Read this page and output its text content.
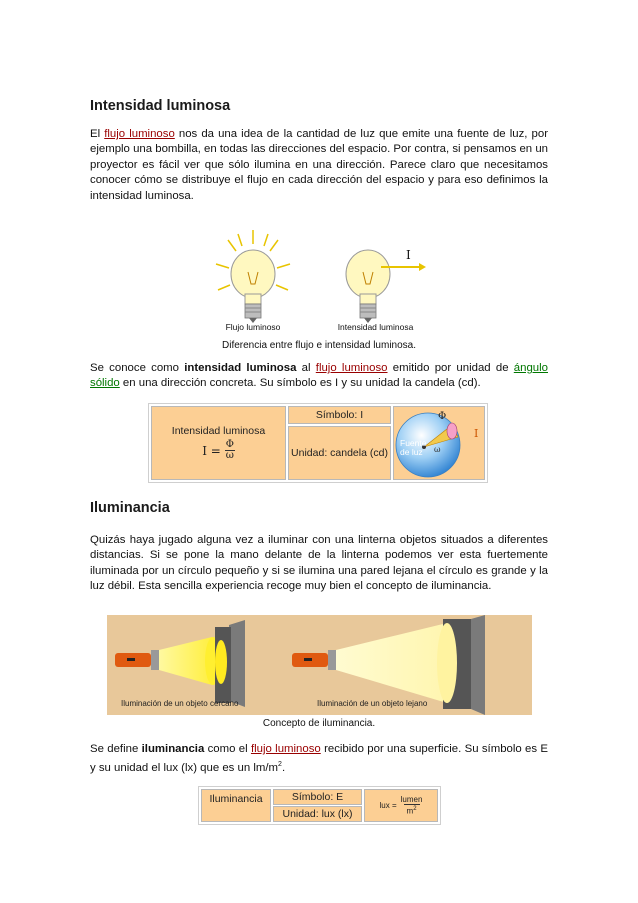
Intensidad luminosa

El flujo luminoso nos da una idea de la cantidad de luz que emite una fuente de luz, por ejemplo una bombilla, en todas las direcciones del espacio. Por contra, si pensamos en un proyector es fácil ver que sólo ilumina en una dirección. Parece claro que necesitamos conocer cómo se distribuye el flujo en cada dirección del espacio y para eso definimos la intensidad luminosa.

Flujo luminoso
I
Intensidad luminosa
Diferencia entre flujo e intensidad luminosa.

Se conoce como intensidad luminosa al flujo luminoso emitido por unidad de ángulo sólido en una dirección concreta. Su símbolo es I y su unidad la candela (cd).

Intensidad luminosa
$I = \frac{\Phi}{\omega}$
Símbolo: I
Unidad: candela (cd)
Φ
ω
I
Fuente
de luz
Iluminancia

Quizás haya jugado alguna vez a iluminar con una linterna objetos situados a diferentes distancias. Si se pone la mano delante de la linterna podemos ver esta fuertemente iluminada por un círculo pequeño y si se ilumina una pared lejana el círculo es grande y la luz débil. Esta sencilla experiencia recoge muy bien el concepto de iluminancia.

Iluminación de un objeto cercano	Iluminación de un objeto lejano
Concepto de iluminancia.

Se define iluminancia como el flujo luminoso recibido por una superficie. Su símbolo es E y su unidad el lux (lx) que es un $lm/m^2$.

Iluminancia	Símbolo: E
Unidad: lux (lx)
lux =
lumen
$m^2$
